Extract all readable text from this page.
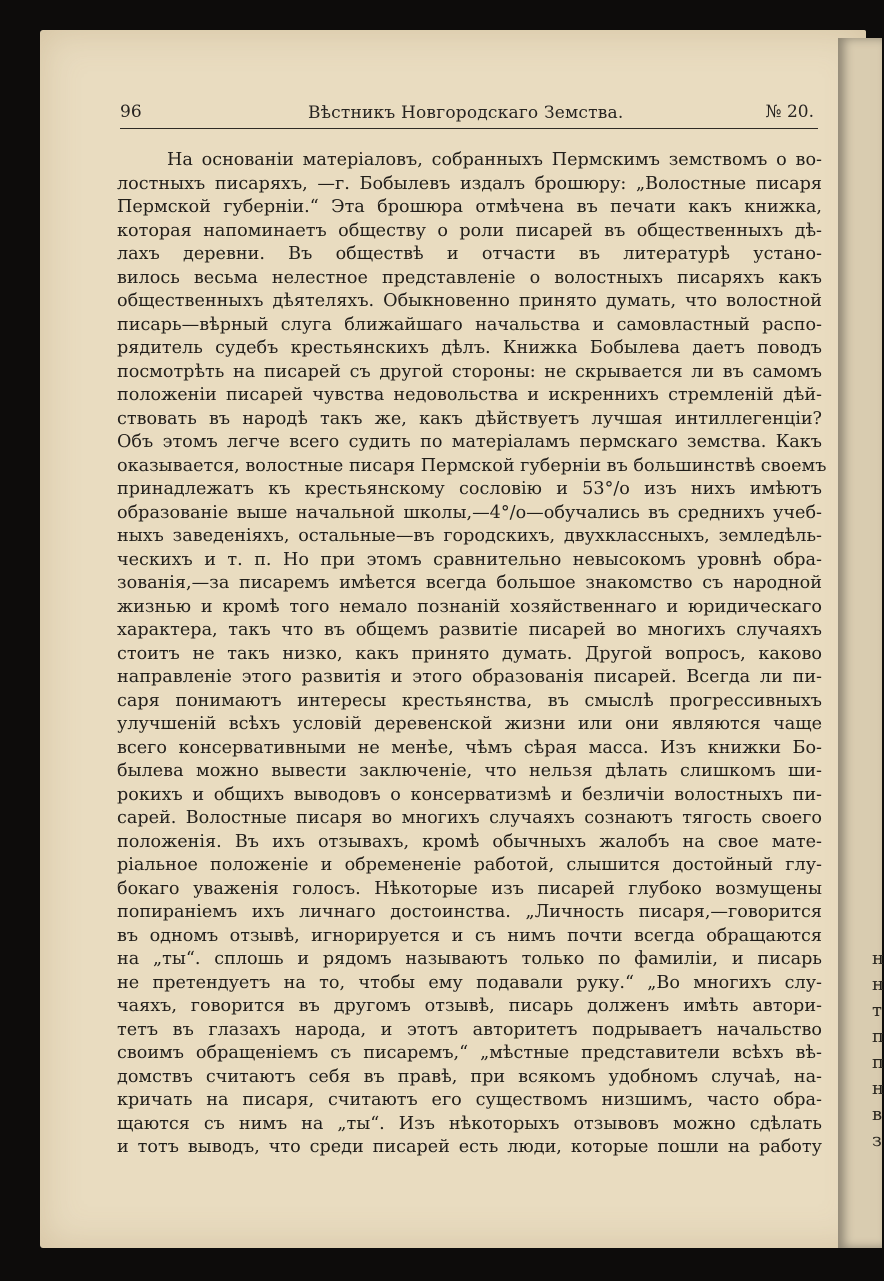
н
н
т
п
п
н
в
з
96	Вѣстникъ Новгородскаго Земства.	№ 20.
На основаніи матеріаловъ, собранныхъ Пермскимъ земствомъ о во-
лостныхъ писаряхъ, —г. Бобылевъ издалъ брошюру: „Волостные писаря
Пермской губерніи.“ Эта брошюра отмѣчена въ печати какъ книжка,
которая напоминаетъ обществу о роли писарей въ общественныхъ дѣ-
лахъ деревни. Въ обществѣ и отчасти въ литературѣ устано-
вилось весьма нелестное представленіе о волостныхъ писаряхъ какъ
общественныхъ дѣятеляхъ. Обыкновенно принято думать, что волостной
писарь—вѣрный слуга ближайшаго начальства и самовластный распо-
рядитель судебъ крестьянскихъ дѣлъ. Книжка Бобылева даетъ поводъ
посмотрѣть на писарей съ другой стороны: не скрывается ли въ самомъ
положеніи писарей чувства недовольства и искреннихъ стремленій дѣй-
ствовать въ народѣ такъ же, какъ дѣйствуетъ лучшая интиллегенціи?
Объ этомъ легче всего судить по матеріаламъ пермскаго земства. Какъ
оказывается, волостные писаря Пермской губерніи въ большинствѣ своемъ
принадлежатъ къ крестьянскому сословію и 53°/о изъ нихъ имѣютъ
образованіе выше начальной школы,—4°/о—обучались въ среднихъ учеб-
ныхъ заведеніяхъ, остальные—въ городскихъ, двухклассныхъ, земледѣль-
ческихъ и т. п. Но при этомъ сравнительно невысокомъ уровнѣ обра-
зованія,—за писаремъ имѣется всегда большое знакомство съ народной
жизнью и кромѣ того немало познаній хозяйственнаго и юридическаго
характера, такъ что въ общемъ развитіе писарей во многихъ случаяхъ
стоитъ не такъ низко, какъ принято думать. Другой вопросъ, каково
направленіе этого развитія и этого образованія писарей. Всегда ли пи-
саря понимаютъ интересы крестьянства, въ смыслѣ прогрессивныхъ
улучшеній всѣхъ условій деревенской жизни или они являются чаще
всего консервативными не менѣе, чѣмъ сѣрая масса. Изъ книжки Бо-
былева можно вывести заключеніе, что нельзя дѣлать слишкомъ ши-
рокихъ и общихъ выводовъ о консерватизмѣ и безличіи волостныхъ пи-
сарей. Волостные писаря во многихъ случаяхъ сознаютъ тягость своего
положенія. Въ ихъ отзывахъ, кромѣ обычныхъ жалобъ на свое мате-
ріальное положеніе и обремененіе работой, слышится достойный глу-
бокаго уваженія голосъ. Нѣкоторые изъ писарей глубоко возмущены
попираніемъ ихъ личнаго достоинства. „Личность писаря,—говорится
въ одномъ отзывѣ, игнорируется и съ нимъ почти всегда обращаются
на „ты“. сплошь и рядомъ называютъ только по фамиліи, и писарь
не претендуетъ на то, чтобы ему подавали руку.“ „Во многихъ слу-
чаяхъ, говорится въ другомъ отзывѣ, писарь долженъ имѣть автори-
тетъ въ глазахъ народа, и этотъ авторитетъ подрываетъ начальство
своимъ обращеніемъ съ писаремъ,“ „мѣстные представители всѣхъ вѣ-
домствъ считаютъ себя въ правѣ, при всякомъ удобномъ случаѣ, на-
кричать на писаря, считаютъ его существомъ низшимъ, часто обра-
щаются съ нимъ на „ты“. Изъ нѣкоторыхъ отзывовъ можно сдѣлать
и тотъ выводъ, что среди писарей есть люди, которые пошли на работу
